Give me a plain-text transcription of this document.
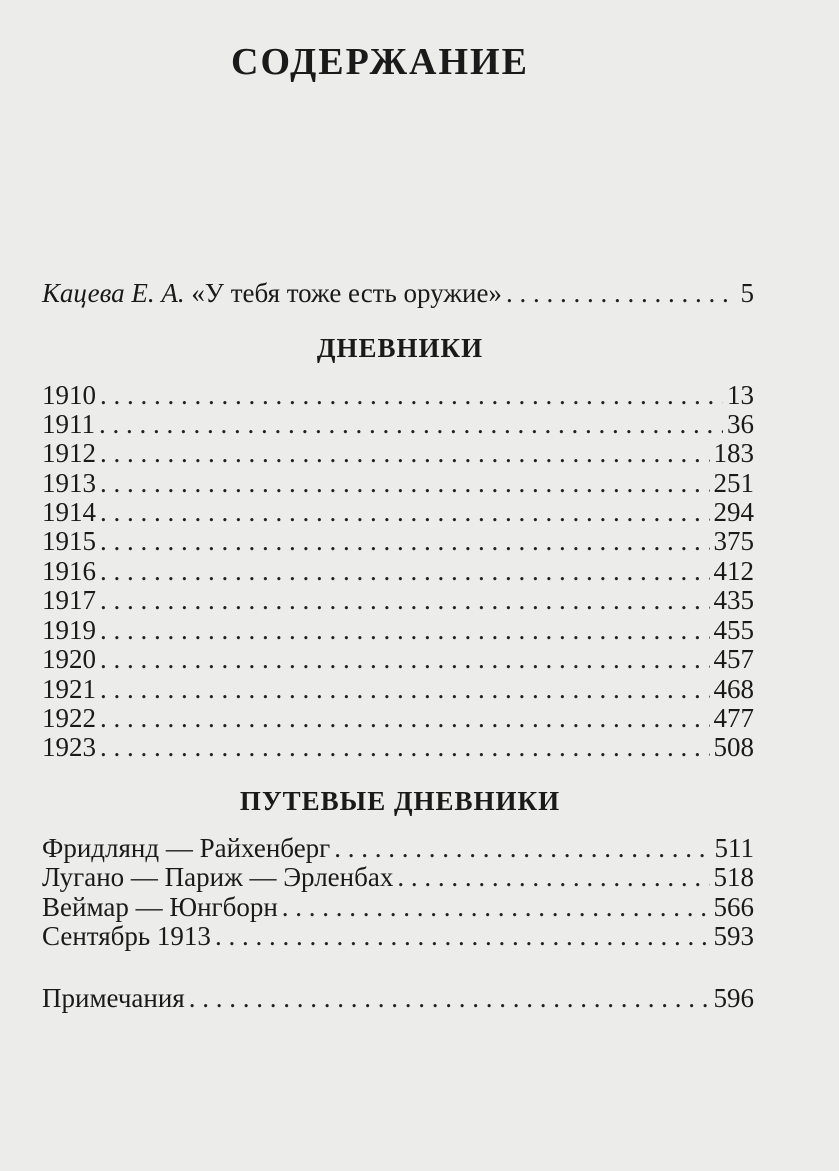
СОДЕРЖАНИЕ
Кацева Е. А. «У тебя тоже есть оружие» . . .	5
ДНЕВНИКИ
1910 . . .	13
1911 . . .	36
1912 . . .	183
1913 . . .	251
1914 . . .	294
1915 . . .	375
1916 . . .	412
1917 . . .	435
1919 . . .	455
1920 . . .	457
1921 . . .	468
1922 . . .	477
1923 . . .	508
ПУТЕВЫЕ ДНЕВНИКИ
Фридлянд — Райхенберг . . .	511
Лугано — Париж — Эрленбах . . .	518
Веймар — Юнгборн . . .	566
Сентябрь 1913 . . .	593
Примечания . . .	596
